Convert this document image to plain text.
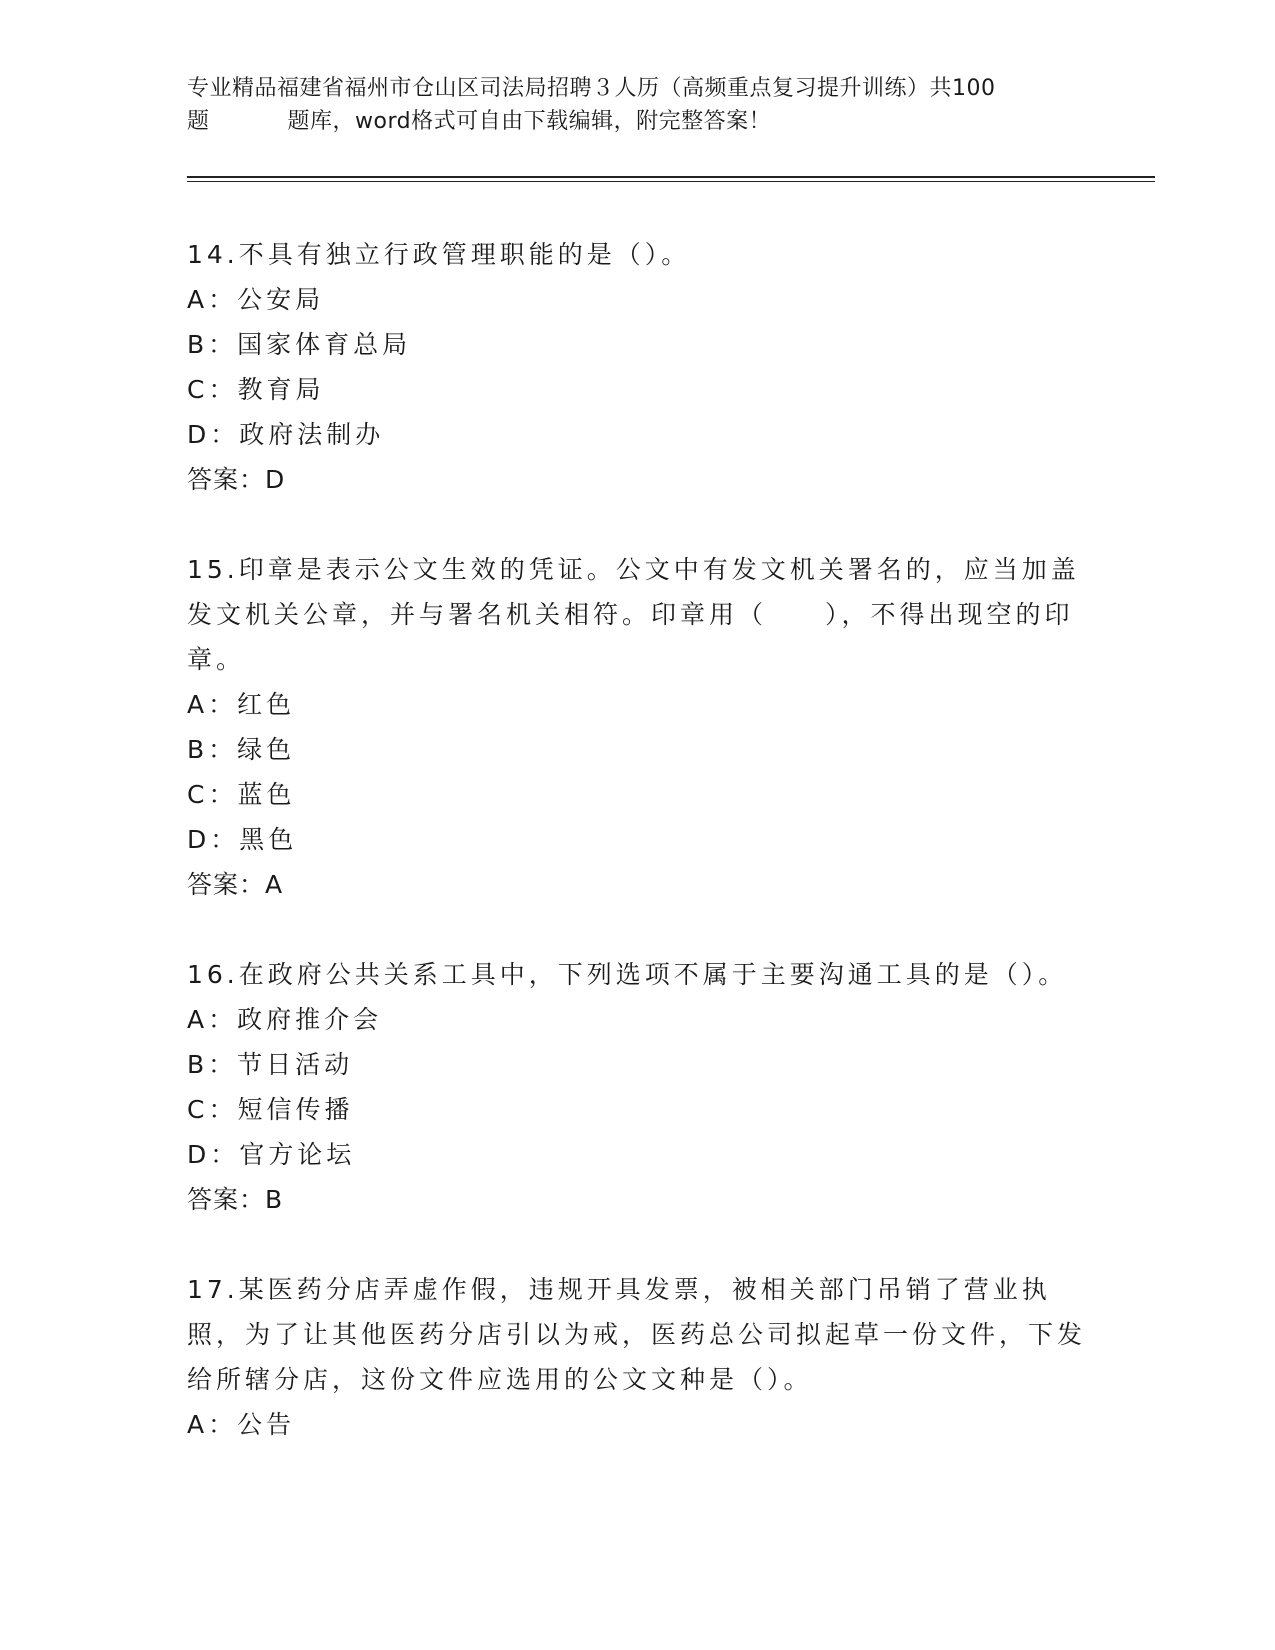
专业精品福建省福州市仓山区司法局招聘３人历（高频重点复习提升训练）共100
题	题库，word格式可自由下载编辑，附完整答案！
14.不具有独立行政管理职能的是（）。
A：公安局
B：国家体育总局
C：教育局
D：政府法制办
答案：D
15.印章是表示公文生效的凭证。公文中有发文机关署名的，应当加盖发文机关公章，并与署名机关相符。印章用（　　），不得出现空的印章。
A：红色
B：绿色
C：蓝色
D：黑色
答案：A
16.在政府公共关系工具中，下列选项不属于主要沟通工具的是（）。
A：政府推介会
B：节日活动
C：短信传播
D：官方论坛
答案：B
17.某医药分店弄虚作假，违规开具发票，被相关部门吊销了营业执照，为了让其他医药分店引以为戒，医药总公司拟起草一份文件，下发给所辖分店，这份文件应选用的公文文种是（）。
A：公告
